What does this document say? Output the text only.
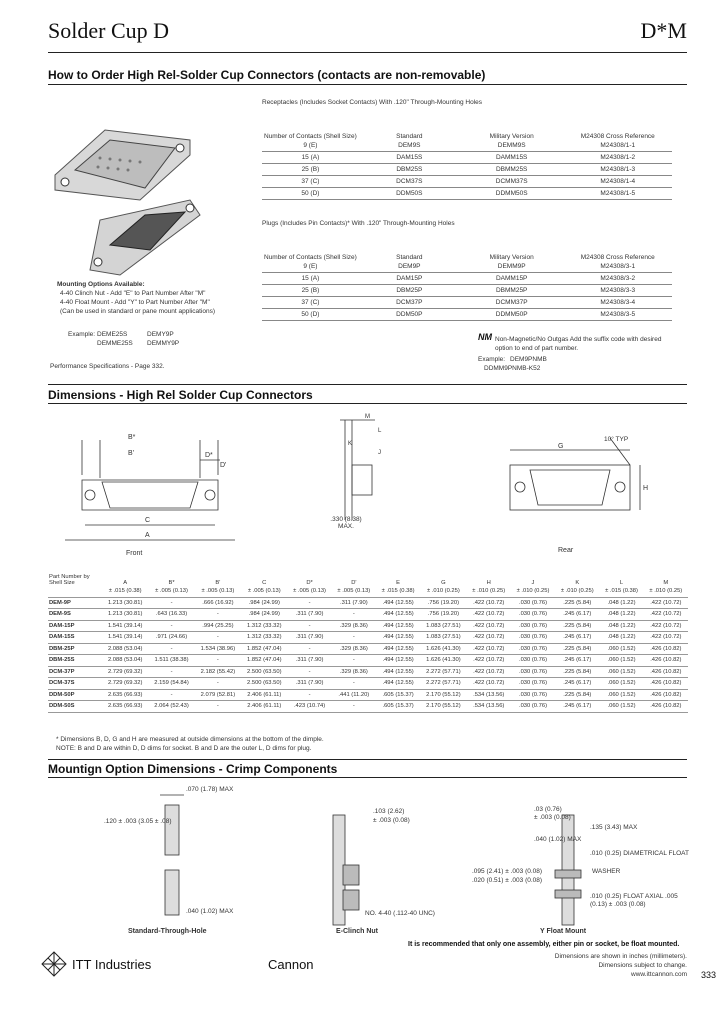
Solder Cup D	D*M
How to Order High Rel-Solder Cup Connectors (contacts are non-removable)
Receptacles (Includes Socket Contacts) With .120" Through-Mounting Holes
Number of Contacts (Shell Size)	Standard	Military Version	M24308 Cross Reference
9 (E)	DEM9S	DEMM9S	M24308/1-1
15 (A)	DAM15S	DAMM15S	M24308/1-2
25 (B)	DBM25S	DBMM25S	M24308/1-3
37 (C)	DCM37S	DCMM37S	M24308/1-4
50 (D)	DDM50S	DDMM50S	M24308/1-5
Plugs (Includes Pin Contacts)* With .120" Through-Mounting Holes
Number of Contacts (Shell Size)	Standard	Military Version	M24308 Cross Reference
9 (E)	DEM9P	DEMM9P	M24308/3-1
15 (A)	DAM15P	DAMM15P	M24308/3-2
25 (B)	DBM25P	DBMM25P	M24308/3-3
37 (C)	DCM37P	DCMM37P	M24308/3-4
50 (D)	DDM50P	DDMM50P	M24308/3-5
Mounting Options Available:
4-40 Clinch Nut - Add "E" to Part Number After "M"
4-40 Float Mount - Add "Y" to Part Number After "M"
(Can be used in standard or pane mount applications)
Example: DEME25S	DEMY9P
DEMME25S DEMMY9P
Performance Specifications - Page 332.
NM Non-Magnetic/No Outgas Add the suffix code with desired option to end of part number.
Example: DEM9PNMB
DDMM9PNMB-K52
Dimensions - High Rel Solder Cup Connectors
B*
B'	D*
D'
C
A
Front
M
L
K
J
.330 (8.38) MAX.
G
H
10° TYP
Rear
Part Number by Shell Size	A	B*	B'	C	D*	D'	E	G	H	J	K	L	M
	± .015 (0.38)	± .005 (0.13)	± .005 (0.13)	± .005 (0.13)	± .005 (0.13)	± .005 (0.13)	± .015 (0.38)	± .010 (0.25)	± .010 (0.25)	± .010 (0.25)	± .010 (0.25)	± .015 (0.38)	± .010 (0.25)
DEM-9P	1.213 (30.81)	-	.666 (16.92)	.984 (24.99)	-	.311 (7.90)	.494 (12.55)	.756 (19.20)	.422 (10.72)	.030 (0.76)	.225 (5.84)	.048 (1.22)	.422 (10.72)
DEM-9S	1.213 (30.81)	.643 (16.33)	-	.984 (24.99)	.311 (7.90)	-	.494 (12.55)	.756 (19.20)	.422 (10.72)	.030 (0.76)	.245 (6.17)	.048 (1.22)	.422 (10.72)
DAM-15P	1.541 (39.14)	-	.994 (25.25)	1.312 (33.32)	-	.329 (8.36)	.494 (12.55)	1.083 (27.51)	.422 (10.72)	.030 (0.76)	.225 (5.84)	.048 (1.22)	.422 (10.72)
DAM-15S	1.541 (39.14)	.971 (24.66)	-	1.312 (33.32)	.311 (7.90)	-	.494 (12.55)	1.083 (27.51)	.422 (10.72)	.030 (0.76)	.245 (6.17)	.048 (1.22)	.422 (10.72)
DBM-25P	2.088 (53.04)	-	1.534 (38.96)	1.852 (47.04)	-	.329 (8.36)	.494 (12.55)	1.626 (41.30)	.422 (10.72)	.030 (0.76)	.225 (5.84)	.060 (1.52)	.426 (10.82)
DBM-25S	2.088 (53.04)	1.511 (38.38)	-	1.852 (47.04)	.311 (7.90)	-	.494 (12.55)	1.626 (41.30)	.422 (10.72)	.030 (0.76)	.245 (6.17)	.060 (1.52)	.426 (10.82)
DCM-37P	2.729 (69.32)	-	2.182 (55.42)	2.500 (63.50)	-	.329 (8.36)	.494 (12.55)	2.272 (57.71)	.422 (10.72)	.030 (0.76)	.225 (5.84)	.060 (1.52)	.426 (10.82)
DCM-37S	2.729 (69.32)	2.159 (54.84)	-	2.500 (63.50)	.311 (7.90)	-	.494 (12.55)	2.272 (57.71)	.422 (10.72)	.030 (0.76)	.245 (6.17)	.060 (1.52)	.426 (10.82)
DDM-50P	2.635 (66.93)	-	2.079 (52.81)	2.406 (61.11)	-	.441 (11.20)	.605 (15.37)	2.170 (55.12)	.534 (13.56)	.030 (0.76)	.225 (5.84)	.060 (1.52)	.426 (10.82)
DDM-50S	2.635 (66.93)	2.064 (52.43)	-	2.406 (61.11)	.423 (10.74)	-	.605 (15.37)	2.170 (55.12)	.534 (13.56)	.030 (0.76)	.245 (6.17)	.060 (1.52)	.426 (10.82)
* Dimensions B, D, G and H are measured at outside dimensions at the bottom of the dimple.
NOTE: B and D are within D, D dims for socket. B and D are the outer L, D dims for plug.
Mountign Option Dimensions - Crimp Components
.070 (1.78) MAX
.120 ± .003 (3.05 ± .08)
.040 (1.02) MAX
Standard-Through-Hole
.103 (2.62)
± .003 (0.08)
NO. 4-40 (.112-40 UNC)
E-Clinch Nut
.03 (0.76)
± .003 (0.08)
.040 (1.02) MAX
.135 (3.43) MAX
.010 (0.25) DIAMETRICAL FLOAT
.095 (2.41) ± .003 (0.08)
.020 (0.51) ± .003 (0.08)
WASHER
.010 (0.25) FLOAT AXIAL .005 (0.13) ± .003 (0.08)
Y Float Mount
ITT Industries	Cannon
It is recommended that only one assembly, either pin or socket, be float mounted.
Dimensions are shown in inches (millimeters).
Dimensions subject to change.
www.ittcannon.com 333
